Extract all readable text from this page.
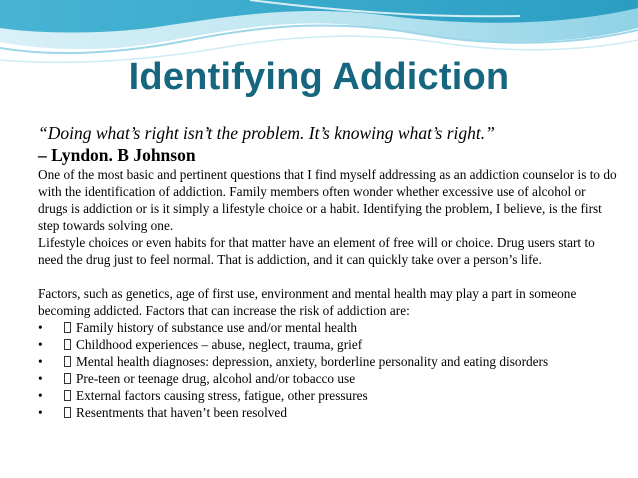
Identifying Addiction

“Doing what’s right isn’t the problem. It’s knowing what’s right.”

– Lyndon. B Johnson

One of the most basic and pertinent questions that I find myself addressing as an addiction counselor is to do with the identification of addiction. Family members often wonder whether excessive use of alcohol or drugs is addiction or is it simply a lifestyle choice or a habit. Identifying the problem, I believe, is the first step towards solving one.

Lifestyle choices or even habits for that matter have an element of free will or choice. Drug users start to need the drug just to feel normal. That is addiction, and it can quickly take over a person’s life.

Factors, such as genetics, age of first use, environment and mental health may play a part in someone becoming addicted. Factors that can increase the risk of addiction are:

•	Family history of substance use and/or mental health
•	Childhood experiences – abuse, neglect, trauma, grief
•	Mental health diagnoses: depression, anxiety, borderline personality and eating disorders
•	Pre-teen or teenage drug, alcohol and/or tobacco use
•	External factors causing stress, fatigue, other pressures
•	Resentments that haven’t been resolved
